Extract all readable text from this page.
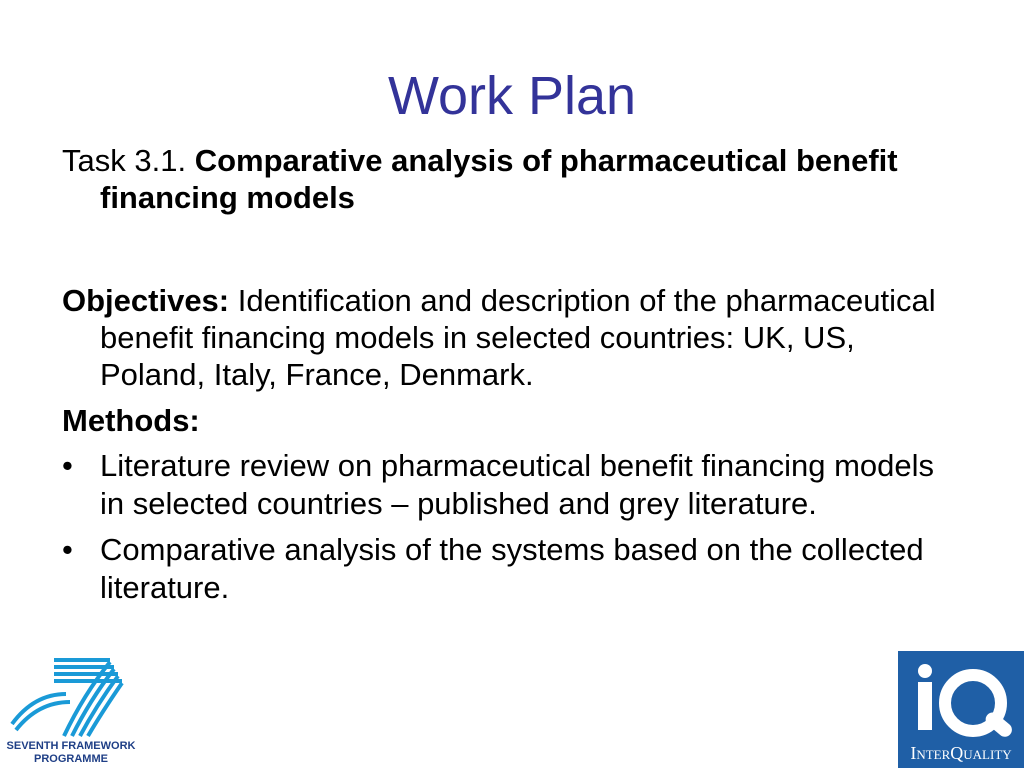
Work Plan

Task 3.1. Comparative analysis of pharmaceutical benefit financing models

Objectives: Identification and description of the pharmaceutical benefit financing models in selected countries: UK, US, Poland, Italy, France, Denmark.

Methods:

• Literature review on pharmaceutical benefit financing models in selected countries – published and grey literature.
• Comparative analysis of the systems based on the collected literature.
SEVENTH FRAMEWORK
PROGRAMME	INTERQUALITY
